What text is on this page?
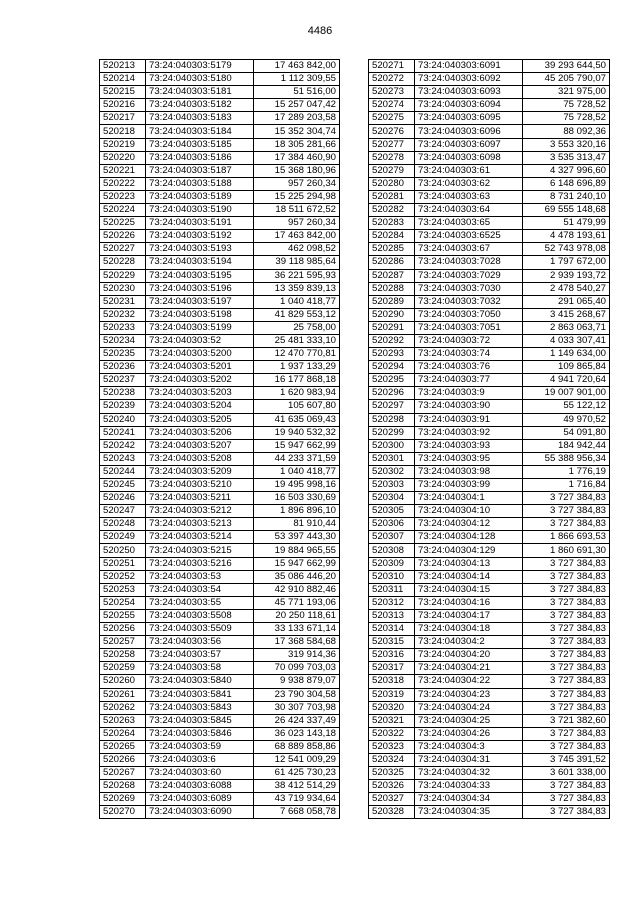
4486
520213	73:24:040303:5179	17 463 842,00
520214	73:24:040303:5180	1 112 309,55
520215	73:24:040303:5181	51 516,00
520216	73:24:040303:5182	15 257 047,42
520217	73:24:040303:5183	17 289 203,58
520218	73:24:040303:5184	15 352 304,74
520219	73:24:040303:5185	18 305 281,66
520220	73:24:040303:5186	17 384 460,90
520221	73:24:040303:5187	15 368 180,96
520222	73:24:040303:5188	957 260,34
520223	73:24:040303:5189	15 225 294,98
520224	73:24:040303:5190	18 511 672,52
520225	73:24:040303:5191	957 260,34
520226	73:24:040303:5192	17 463 842,00
520227	73:24:040303:5193	462 098,52
520228	73:24:040303:5194	39 118 985,64
520229	73:24:040303:5195	36 221 595,93
520230	73:24:040303:5196	13 359 839,13
520231	73:24:040303:5197	1 040 418,77
520232	73:24:040303:5198	41 829 553,12
520233	73:24:040303:5199	25 758,00
520234	73:24:040303:52	25 481 333,10
520235	73:24:040303:5200	12 470 770,81
520236	73:24:040303:5201	1 937 133,29
520237	73:24:040303:5202	16 177 868,18
520238	73:24:040303:5203	1 620 983,94
520239	73:24:040303:5204	105 607,80
520240	73:24:040303:5205	41 635 069,43
520241	73:24:040303:5206	19 940 532,32
520242	73:24:040303:5207	15 947 662,99
520243	73:24:040303:5208	44 233 371,59
520244	73:24:040303:5209	1 040 418,77
520245	73:24:040303:5210	19 495 998,16
520246	73:24:040303:5211	16 503 330,69
520247	73:24:040303:5212	1 896 896,10
520248	73:24:040303:5213	81 910,44
520249	73:24:040303:5214	53 397 443,30
520250	73:24:040303:5215	19 884 965,55
520251	73:24:040303:5216	15 947 662,99
520252	73:24:040303:53	35 086 446,20
520253	73:24:040303:54	42 910 882,46
520254	73:24:040303:55	45 771 193,06
520255	73:24:040303:5508	20 250 118,61
520256	73:24:040303:5509	33 133 671,14
520257	73:24:040303:56	17 368 584,68
520258	73:24:040303:57	319 914,36
520259	73:24:040303:58	70 099 703,03
520260	73:24:040303:5840	9 938 879,07
520261	73:24:040303:5841	23 790 304,58
520262	73:24:040303:5843	30 307 703,98
520263	73:24:040303:5845	26 424 337,49
520264	73:24:040303:5846	36 023 143,18
520265	73:24:040303:59	68 889 858,86
520266	73:24:040303:6	12 541 009,29
520267	73:24:040303:60	61 425 730,23
520268	73:24:040303:6088	38 412 514,29
520269	73:24:040303:6089	43 719 934,64
520270	73:24:040303:6090	7 668 058,78
520271	73:24:040303:6091	39 293 644,50
520272	73:24:040303:6092	45 205 790,07
520273	73:24:040303:6093	321 975,00
520274	73:24:040303:6094	75 728,52
520275	73:24:040303:6095	75 728,52
520276	73:24:040303:6096	88 092,36
520277	73:24:040303:6097	3 553 320,16
520278	73:24:040303:6098	3 535 313,47
520279	73:24:040303:61	4 327 996,60
520280	73:24:040303:62	6 148 696,89
520281	73:24:040303:63	8 731 240,10
520282	73:24:040303:64	69 555 148,68
520283	73:24:040303:65	51 479,99
520284	73:24:040303:6525	4 478 193,61
520285	73:24:040303:67	52 743 978,08
520286	73:24:040303:7028	1 797 672,00
520287	73:24:040303:7029	2 939 193,72
520288	73:24:040303:7030	2 478 540,27
520289	73:24:040303:7032	291 065,40
520290	73:24:040303:7050	3 415 268,67
520291	73:24:040303:7051	2 863 063,71
520292	73:24:040303:72	4 033 307,41
520293	73:24:040303:74	1 149 634,00
520294	73:24:040303:76	109 865,84
520295	73:24:040303:77	4 941 720,64
520296	73:24:040303:9	19 007 901,00
520297	73:24:040303:90	55 122,12
520298	73:24:040303:91	49 970,52
520299	73:24:040303:92	54 091,80
520300	73:24:040303:93	184 942,44
520301	73:24:040303:95	55 388 956,34
520302	73:24:040303:98	1 776,19
520303	73:24:040303:99	1 716,84
520304	73:24:040304:1	3 727 384,83
520305	73:24:040304:10	3 727 384,83
520306	73:24:040304:12	3 727 384,83
520307	73:24:040304:128	1 866 693,53
520308	73:24:040304:129	1 860 691,30
520309	73:24:040304:13	3 727 384,83
520310	73:24:040304:14	3 727 384,83
520311	73:24:040304:15	3 727 384,83
520312	73:24:040304:16	3 727 384,83
520313	73:24:040304:17	3 727 384,83
520314	73:24:040304:18	3 727 384,83
520315	73:24:040304:2	3 727 384,83
520316	73:24:040304:20	3 727 384,83
520317	73:24:040304:21	3 727 384,83
520318	73:24:040304:22	3 727 384,83
520319	73:24:040304:23	3 727 384,83
520320	73:24:040304:24	3 727 384,83
520321	73:24:040304:25	3 721 382,60
520322	73:24:040304:26	3 727 384,83
520323	73:24:040304:3	3 727 384,83
520324	73:24:040304:31	3 745 391,52
520325	73:24:040304:32	3 601 338,00
520326	73:24:040304:33	3 727 384,83
520327	73:24:040304:34	3 727 384,83
520328	73:24:040304:35	3 727 384,83
